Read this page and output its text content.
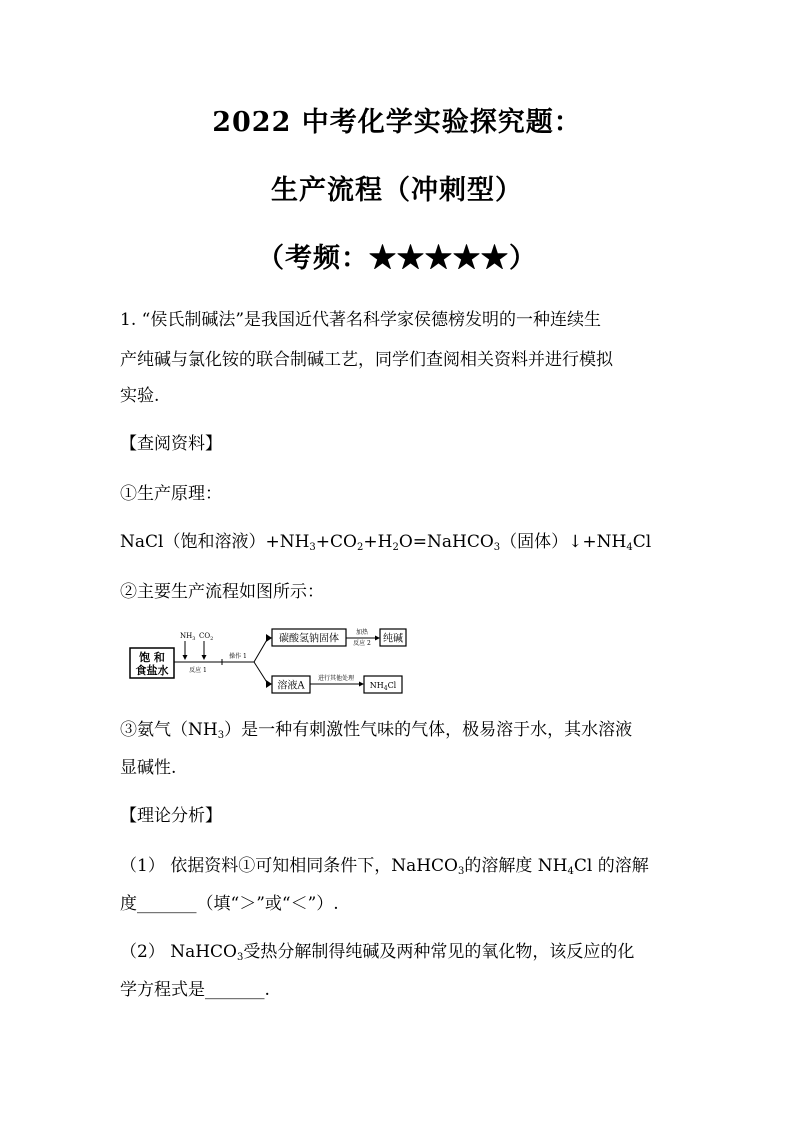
2022 中考化学实验探究题：
生产流程（冲刺型）
（考频：★★★★★）
1. “侯氏制碱法”是我国近代著名科学家侯德榜发明的一种连续生
产纯碱与氯化铵的联合制碱工艺，同学们查阅相关资料并进行模拟
实验.
【查阅资料】
①生产原理：
NaCl（饱和溶液）$+NH_3+CO_2+H_2O=NaHCO_3$（固体）$↓+NH_4Cl$
②主要生产流程如图所示：
饱 和
食盐水
$NH_3$ $CO_2$
反应 1
操作 1
碳酸氢钠固体
加热
反应 2 纯碱
溶液A
进行其他处理
$NH_4Cl$
③氨气$(NH_3)$是一种有刺激性气味的气体，极易溶于水，其水溶液
显碱性.
【理论分析】
（1） 依据资料①可知相同条件下，NaHCO$_3$的溶解度 $NH_4Cl$ 的溶解
度_______（填“＞”或“＜”）.
（2） NaHCO$_3$受热分解制得纯碱及两种常见的氧化物，该反应的化
学方程式是_______.
